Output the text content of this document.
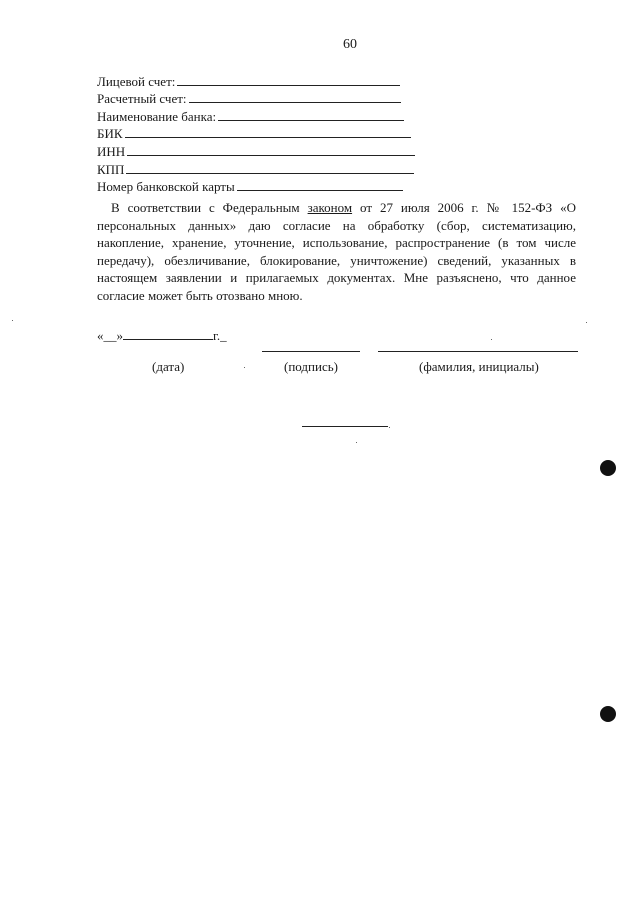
60
Лицевой счет:
Расчетный счет:
Наименование банка:
БИК
ИНН
КПП
Номер банковской карты

В соответствии с Федеральным законом от 27 июля 2006 г. № 152-ФЗ «О персональных данных» даю согласие на обработку (сбор, систематизацию, накопление, хранение, уточнение, использование, распространение (в том числе передачу), обезличивание, блокирование, уничтожение) сведений, указанных в настоящем заявлении и прилагаемых документах. Мне разъяснено, что данное согласие может быть отозвано мною.

«__»	г._
(дата)	(подпись)	(фамилия, инициалы)
